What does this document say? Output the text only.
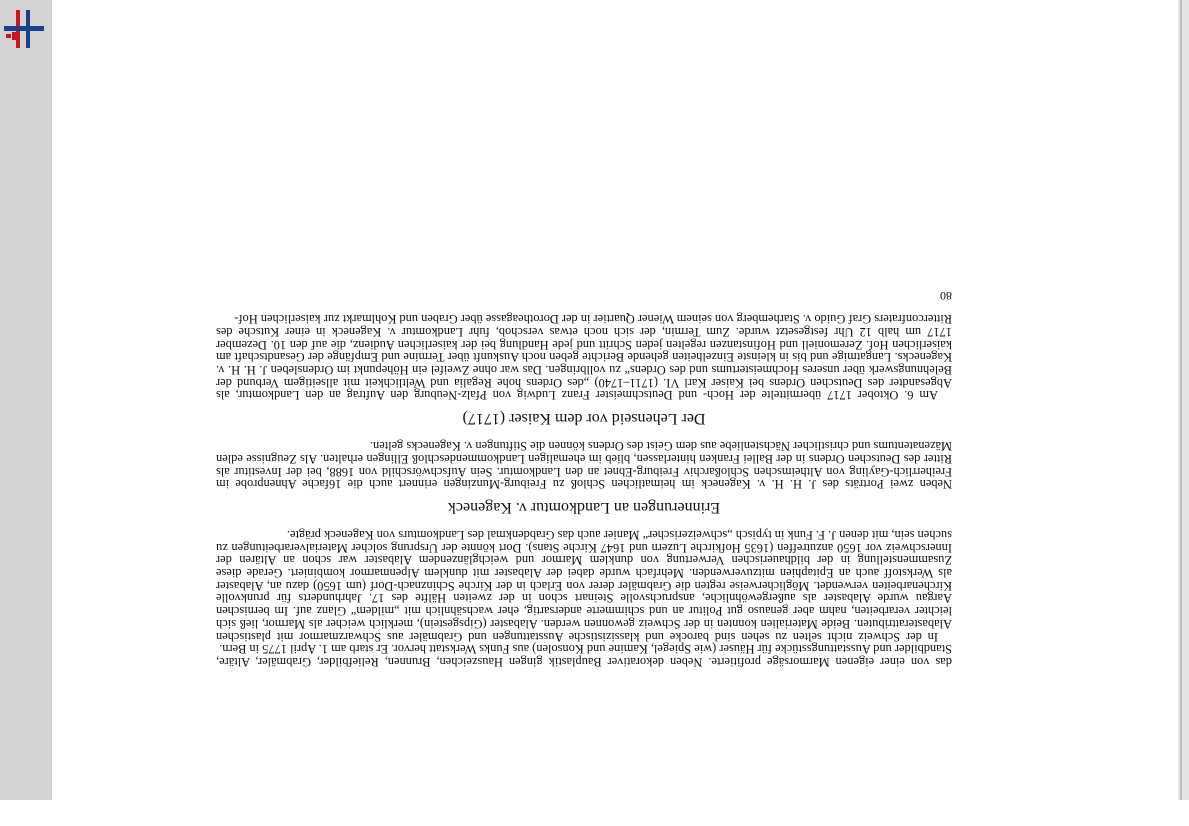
das von einer eigenen Marmorsäge profitierte. Neben dekorativer Bauplastik gingen Hauszeichen, Brunnen, Reliefbilder, Grabmäler, Altäre, Standbilder und Ausstattungsstücke für Häuser (wie Spiegel, Kamine und Konsolen) aus Funks Werkstatt hervor. Er starb am 1. April 1775 in Bern.

In der Schweiz nicht selten zu sehen sind barocke und klassizistische Ausstattungen und Grabmäler aus Schwarzmarmor mit plastischen Alabasterattributen. Beide Materialien konnten in der Schweiz gewonnen werden. Alabaster (Gipsgestein), merklich weicher als Marmor, ließ sich leichter verarbeiten, nahm aber genauso gut Politur an und schimmerte andersartig, eher wachsähnlich mit „mildem“ Glanz auf. Im bernischen Aargau wurde Alabaster als außergewöhnliche, anspruchsvolle Steinart schon in der zweiten Hälfte des 17. Jahrhunderts für prunkvolle Kirchenarbeiten verwendet. Möglicherweise regten die Grabmäler derer von Erlach in der Kirche Schinznach-Dorf (um 1650) dazu an, Alabaster als Werkstoff auch an Epitaphien mitzuverwenden. Mehrfach wurde dabei der Alabaster mit dunklem Alpenmarmor kombiniert. Gerade diese Zusammenstellung in der bildhauerischen Verwertung von dunklem Marmor und weichglänzendem Alabaster war schon an Altären der Innerschweiz vor 1650 anzutreffen (1635 Hofkirche Luzern und 1647 Kirche Stans). Dort könnte der Ursprung solcher Materialverarbeitungen zu suchen sein, mit denen J. F. Funk in typisch „schweizerischer“ Manier auch das Grabdenkmal des Landkomturs von Kageneck prägte.

Erinnerungen an Landkomtur v. Kageneck

Neben zwei Porträts des J. H. H. v. Kageneck im heimatlichen Schloß zu Freiburg-Munzingen erinnert auch die 16fache Ahnenprobe im Freiherrlich-Gayling von Altheimschen Schloßarchiv Freiburg-Ebnet an den Landkomtur. Sein Aufschwörschild von 1688, bei der Investitur als Ritter des Deutschen Ordens in der Ballei Franken hinterlassen, blieb im ehemaligen Landkommendeschloß Ellingen erhalten. Als Zeugnisse edlen Mäzenatentums und christlicher Nächstenliebe aus dem Geist des Ordens können die Stiftungen v. Kagenecks gelten.

Der Lehenseid vor dem Kaiser (1717)

Am 6. Oktober 1717 übermittelte der Hoch- und Deutschmeister Franz Ludwig von Pfalz-Neuburg den Auftrag an den Landkomtur, als Abgesandter des Deutschen Ordens bei Kaiser Karl VI. (1711–1740) „des Ordens hohe Regalia und Weltlichkeit mit allseitigem Verbund der Belehnungswerk über unseres Hochmeistertums und des Ordens“ zu vollbringen. Das war ohne Zweifel ein Höhepunkt im Ordensleben J. H. H. v. Kagenecks. Langatmige und bis in kleinste Einzelheiten gehende Berichte geben noch Auskunft über Termine und Empfänge der Gesandtschaft am kaiserlichen Hof. Zeremoniell und Hofinstanzen regelten jeden Schritt und jede Handlung bei der kaiserlichen Audienz, die auf den 10. Dezember 1717 um halb 12 Uhr festgesetzt wurde. Zum Termin, der sich noch etwas verschob, fuhr Landkomtur v. Kageneck in einer Kutsche des Ritterconfraters Graf Guido v. Starhemberg von seinem Wiener Quartier in der Dorotheagasse über Graben und Kohlmarkt zur kaiserlichen Hof-

80
